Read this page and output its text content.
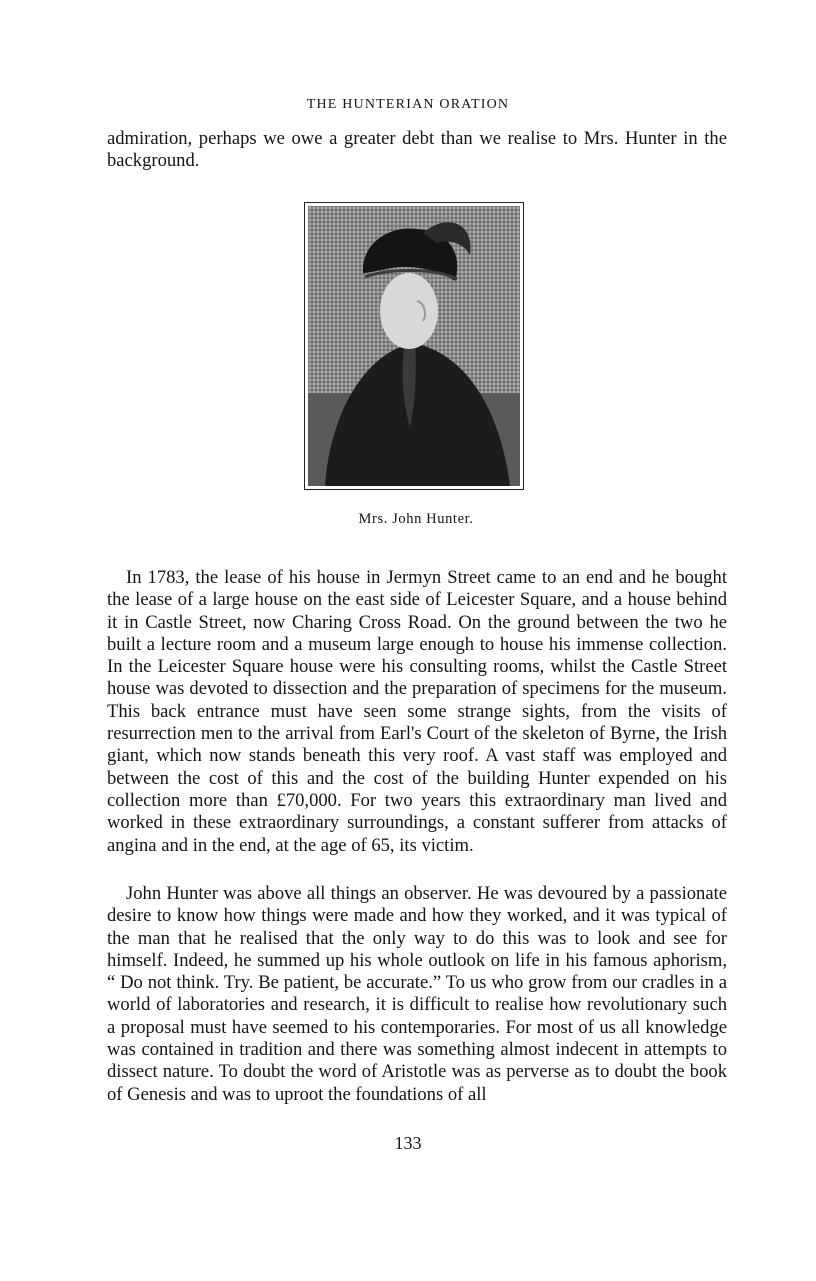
THE HUNTERIAN ORATION

admiration, perhaps we owe a greater debt than we realise to Mrs. Hunter in the background.

Mrs. John Hunter.

In 1783, the lease of his house in Jermyn Street came to an end and he bought the lease of a large house on the east side of Leicester Square, and a house behind it in Castle Street, now Charing Cross Road. On the ground between the two he built a lecture room and a museum large enough to house his immense collection. In the Leicester Square house were his consulting rooms, whilst the Castle Street house was devoted to dissection and the preparation of specimens for the museum. This back entrance must have seen some strange sights, from the visits of resurrection men to the arrival from Earl's Court of the skeleton of Byrne, the Irish giant, which now stands beneath this very roof. A vast staff was employed and between the cost of this and the cost of the building Hunter expended on his collection more than £70,000. For two years this extraordinary man lived and worked in these extraordinary surroundings, a constant sufferer from attacks of angina and in the end, at the age of 65, its victim.

John Hunter was above all things an observer. He was devoured by a passionate desire to know how things were made and how they worked, and it was typical of the man that he realised that the only way to do this was to look and see for himself. Indeed, he summed up his whole outlook on life in his famous aphorism, “ Do not think. Try. Be patient, be accurate.” To us who grow from our cradles in a world of laboratories and research, it is difficult to realise how revolutionary such a proposal must have seemed to his contemporaries. For most of us all knowledge was contained in tradition and there was something almost indecent in attempts to dissect nature. To doubt the word of Aristotle was as perverse as to doubt the book of Genesis and was to uproot the foundations of all

133
